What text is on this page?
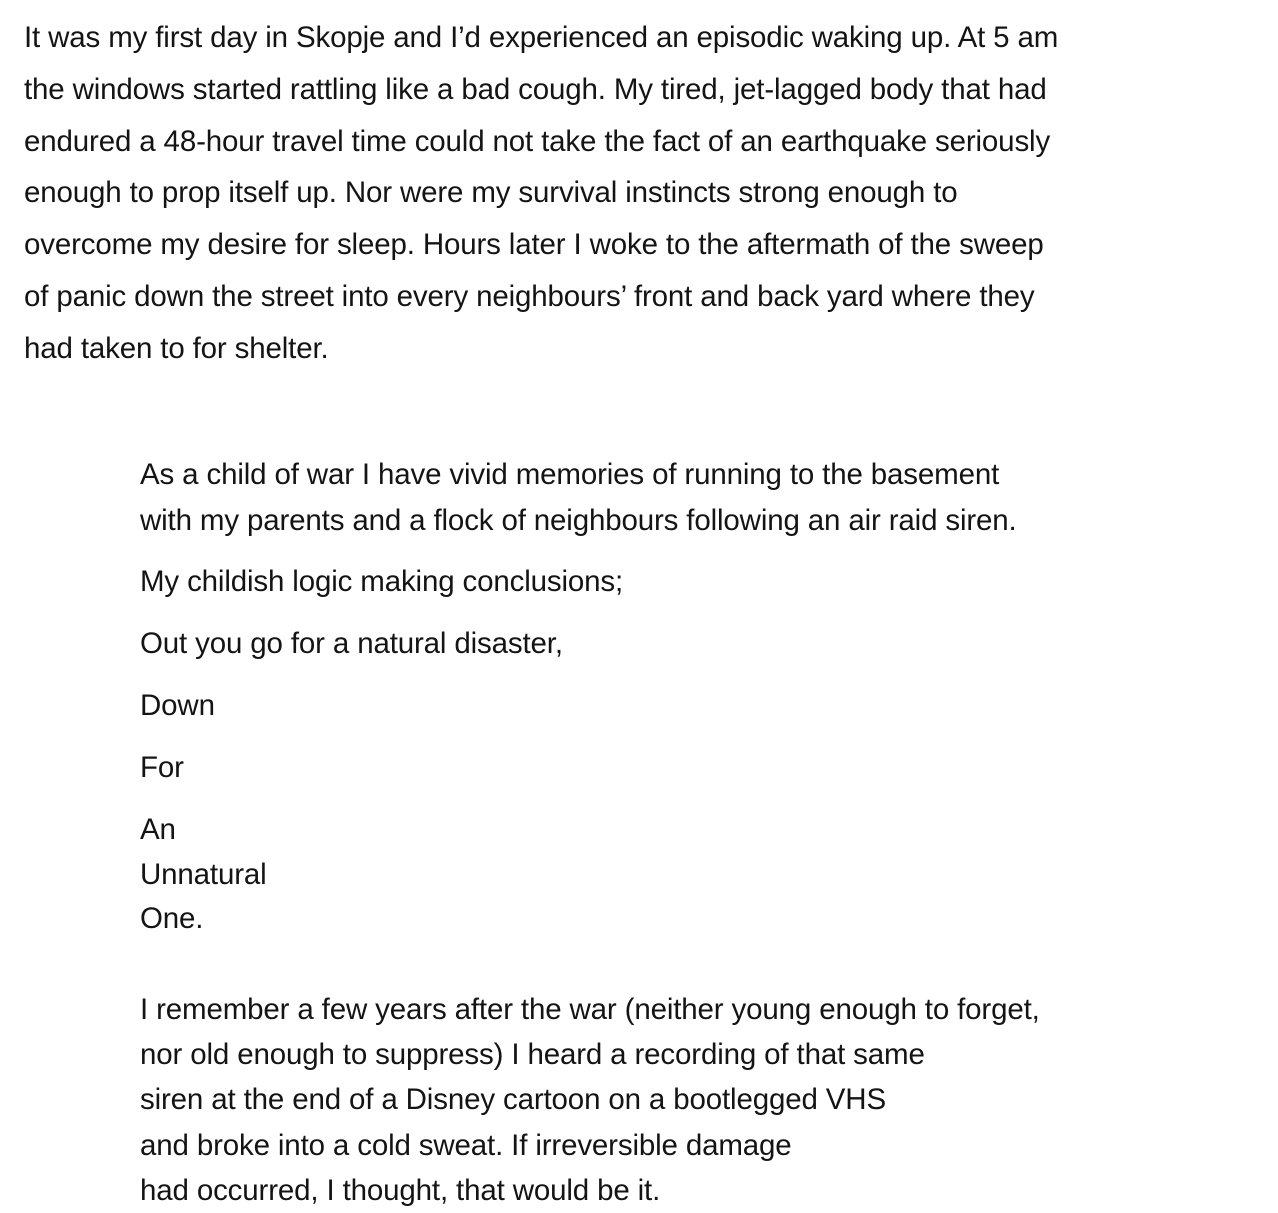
It was my first day in Skopje and I’d experienced an episodic waking up. At 5 am
the windows started rattling like a bad cough. My tired, jet-lagged body that had
endured a 48-hour travel time could not take the fact of an earthquake seriously
enough to prop itself up. Nor were my survival instincts strong enough to
overcome my desire for sleep. Hours later I woke to the aftermath of the sweep
of panic down the street into every neighbours’ front and back yard where they
had taken to for shelter.
As a child of war I have vivid memories of running to the basement
with my parents and a flock of neighbours following an air raid siren.
My childish logic making conclusions;
Out you go for a natural disaster,
Down
For
An
Unnatural
One.
I remember a few years after the war (neither young enough to forget,
nor old enough to suppress) I heard a recording of that same
siren at the end of a Disney cartoon on a bootlegged VHS
and broke into a cold sweat. If irreversible damage
had occurred, I thought, that would be it.
